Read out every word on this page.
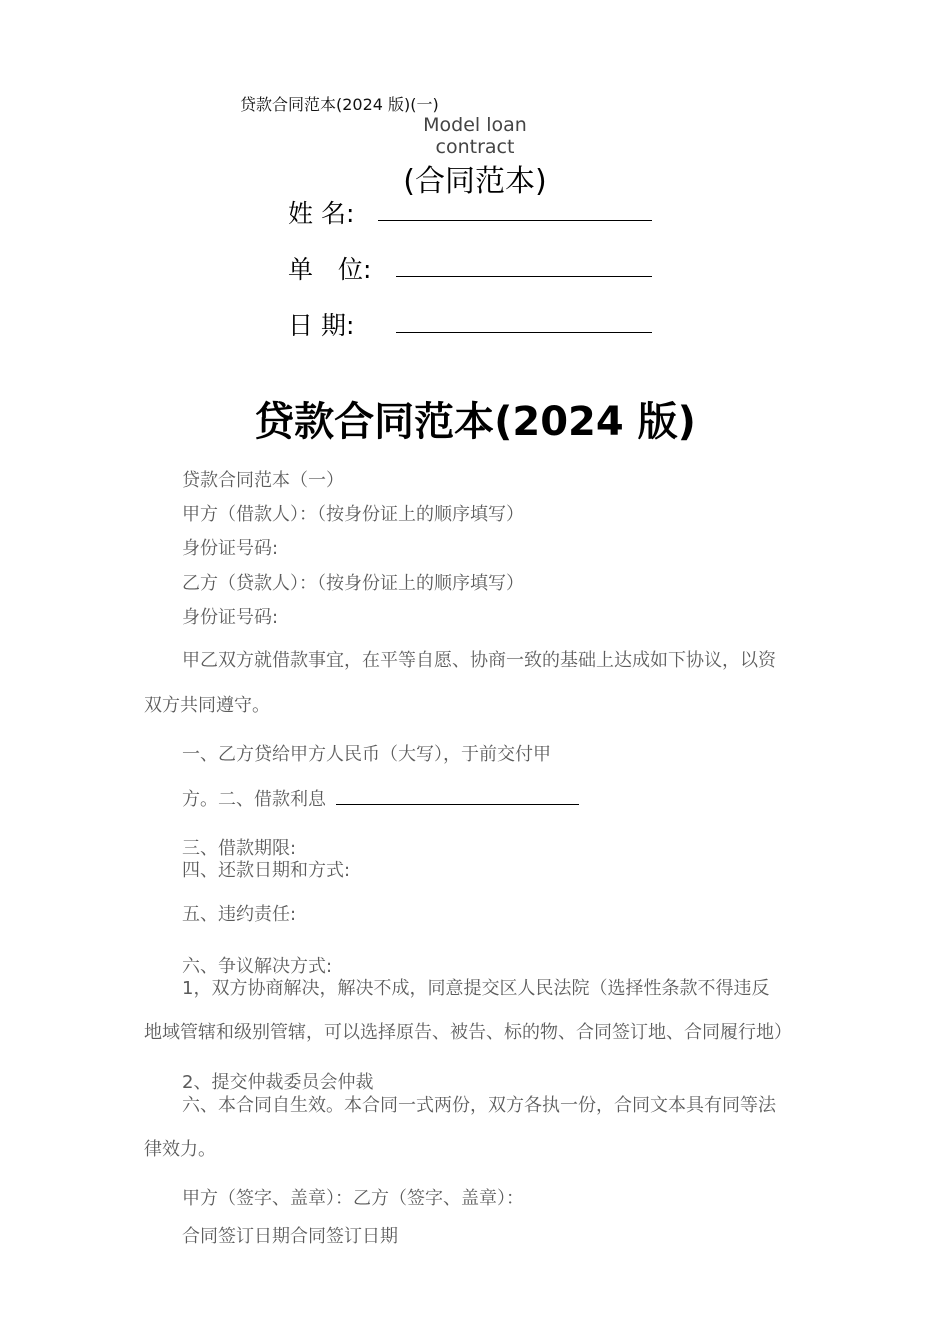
贷款合同范本(2024 版)(一)
Model loan
contract
(合同范本)
姓 名:
单　位:
日 期:
贷款合同范本(2024 版)
贷款合同范本（一）
甲方（借款人）：（按身份证上的顺序填写）
身份证号码:
乙方（贷款人）：（按身份证上的顺序填写）
身份证号码:
甲乙双方就借款事宜，在平等自愿、协商一致的基础上达成如下协议，以资
双方共同遵守。
一、乙方贷给甲方人民币（大写），于前交付甲
方。二、借款利息
三、借款期限:
四、还款日期和方式:
五、违约责任:
六、争议解决方式:
1，双方协商解决，解决不成，同意提交区人民法院（选择性条款不得违反
地域管辖和级别管辖，可以选择原告、被告、标的物、合同签订地、合同履行地）
2、提交仲裁委员会仲裁
六、本合同自生效。本合同一式两份，双方各执一份，合同文本具有同等法
律效力。
甲方（签字、盖章）：乙方（签字、盖章）：
合同签订日期合同签订日期
